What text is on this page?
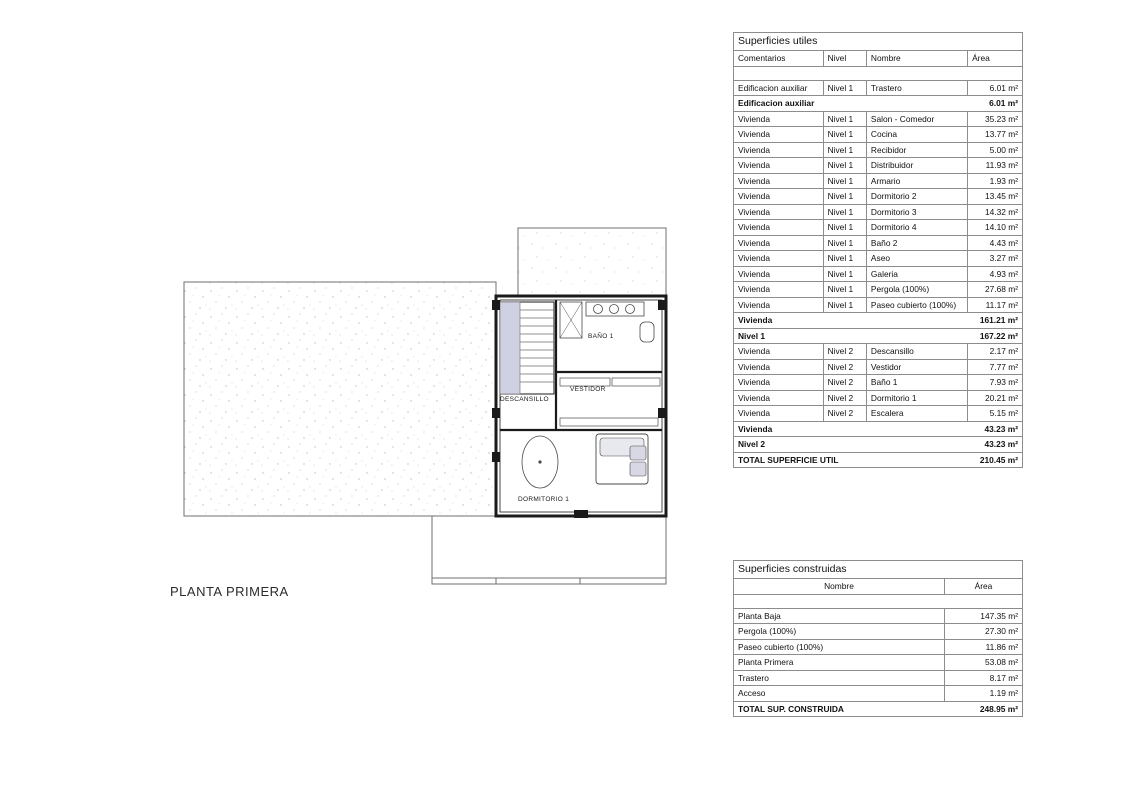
BAÑO 1
VESTIDOR
DESCANSILLO
DORMITORIO 1
PLANTA PRIMERA
Superficies utiles			
Comentarios	Nivel	Nombre	Área

Edificacion auxiliar	Nivel 1	Trastero	6.01 m²
Edificacion auxiliar			6.01 m²
Vivienda	Nivel 1	Salon - Comedor	35.23 m²
Vivienda	Nivel 1	Cocina	13.77 m²
Vivienda	Nivel 1	Recibidor	5.00 m²
Vivienda	Nivel 1	Distribuidor	11.93 m²
Vivienda	Nivel 1	Armario	1.93 m²
Vivienda	Nivel 1	Dormitorio 2	13.45 m²
Vivienda	Nivel 1	Dormitorio 3	14.32 m²
Vivienda	Nivel 1	Dormitorio 4	14.10 m²
Vivienda	Nivel 1	Baño 2	4.43 m²
Vivienda	Nivel 1	Aseo	3.27 m²
Vivienda	Nivel 1	Galeria	4.93 m²
Vivienda	Nivel 1	Pergola (100%)	27.68 m²
Vivienda	Nivel 1	Paseo cubierto (100%)	11.17 m²
Vivienda			161.21 m²
Nivel 1			167.22 m²
Vivienda	Nivel 2	Descansillo	2.17 m²
Vivienda	Nivel 2	Vestidor	7.77 m²
Vivienda	Nivel 2	Baño 1	7.93 m²
Vivienda	Nivel 2	Dormitorio 1	20.21 m²
Vivienda	Nivel 2	Escalera	5.15 m²
Vivienda			43.23 m²
Nivel 2			43.23 m²
TOTAL SUPERFICIE UTIL			210.45 m²
Superficies construidas	
Nombre	Área

Planta Baja	147.35 m²
Pergola (100%)	27.30 m²
Paseo cubierto (100%)	11.86 m²
Planta Primera	53.08 m²
Trastero	8.17 m²
Acceso	1.19 m²
TOTAL SUP. CONSTRUIDA	248.95 m²
